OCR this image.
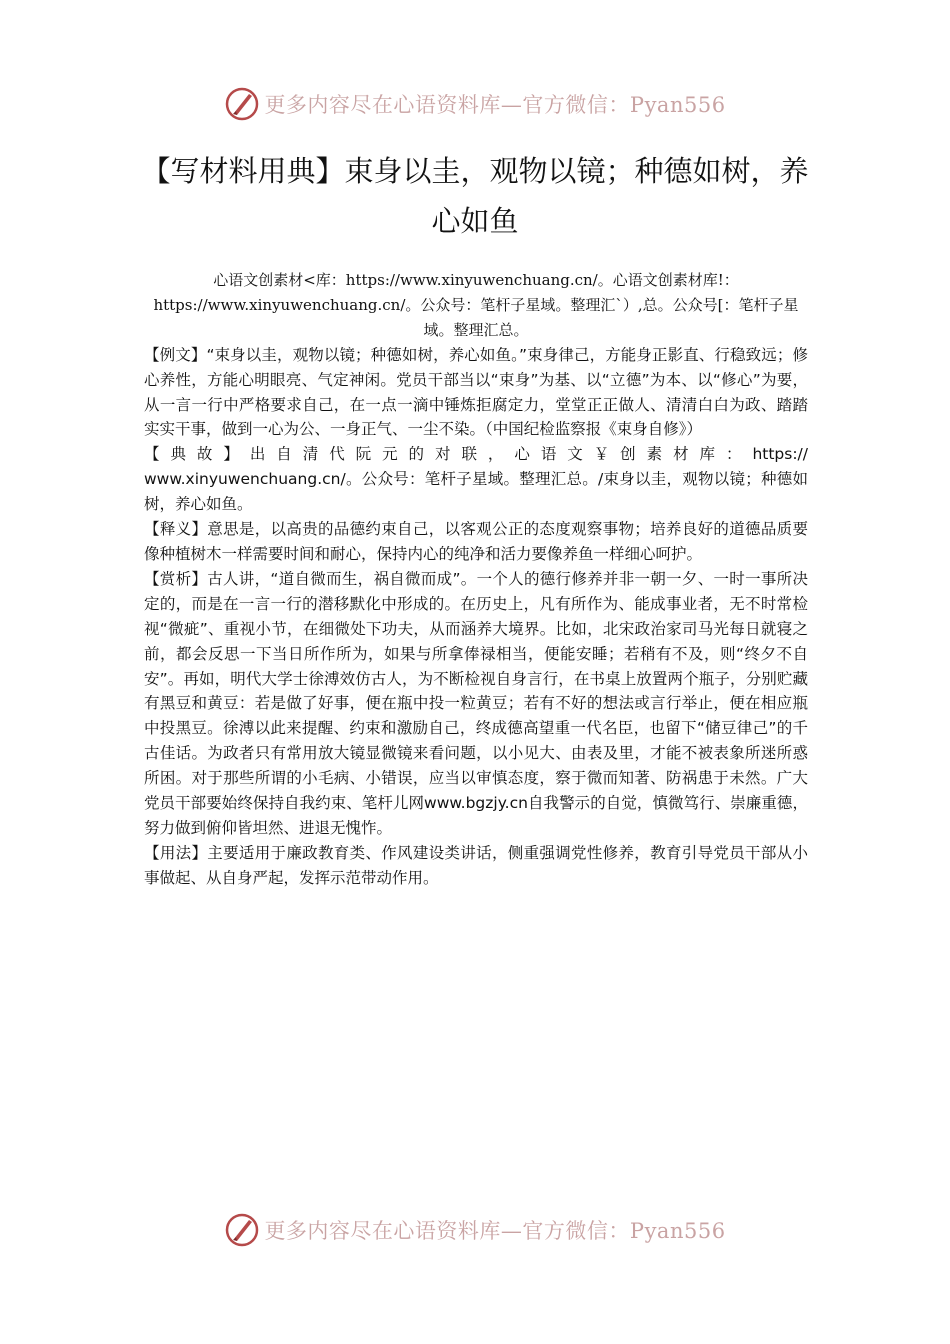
更多内容尽在心语资料库—官方微信：Pyan556
【写材料用典】束身以圭，观物以镜；种德如树，养心如鱼

心语文创素材<库：https://www.xinyuwenchuang.cn/。心语文创素材库!：https://www.xinyuwenchuang.cn/。公众号：笔杆子星域。整理汇`）,总。公众号[：笔杆子星域。整理汇总。

【例文】“束身以圭，观物以镜；种德如树，养心如鱼。”束身律己，方能身正影直、行稳致远；修心养性，方能心明眼亮、气定神闲。党员干部当以“束身”为基、以“立德”为本、以“修心”为要，从一言一行中严格要求自己，在一点一滴中锤炼拒腐定力，堂堂正正做人、清清白白为政、踏踏实实干事，做到一心为公、一身正气、一尘不染。（中国纪检监察报《束身自修》）

【典故】出自清代阮元的对联，心语文￥创素材库：https://

www.xinyuwenchuang.cn/。公众号：笔杆子星域。整理汇总。/束身以圭，观物以镜；种德如树，养心如鱼。

【释义】意思是，以高贵的品德约束自己，以客观公正的态度观察事物；培养良好的道德品质要像种植树木一样需要时间和耐心，保持内心的纯净和活力要像养鱼一样细心呵护。

【赏析】古人讲，“道自微而生，祸自微而成”。一个人的德行修养并非一朝一夕、一时一事所决定的，而是在一言一行的潜移默化中形成的。在历史上，凡有所作为、能成事业者，无不时常检视“微疵”、重视小节，在细微处下功夫，从而涵养大境界。比如，北宋政治家司马光每日就寝之前，都会反思一下当日所作所为，如果与所拿俸禄相当，便能安睡；若稍有不及，则“终夕不自安”。再如，明代大学士徐溥效仿古人，为不断检视自身言行，在书桌上放置两个瓶子，分别贮藏有黑豆和黄豆：若是做了好事，便在瓶中投一粒黄豆；若有不好的想法或言行举止，便在相应瓶中投黑豆。徐溥以此来提醒、约束和激励自己，终成德高望重一代名臣，也留下“储豆律己”的千古佳话。为政者只有常用放大镜显微镜来看问题，以小见大、由表及里，才能不被表象所迷所惑所困。对于那些所谓的小毛病、小错误，应当以审慎态度，察于微而知著、防祸患于未然。广大党员干部要始终保持自我约束、笔杆儿网www.bgzjy.cn自我警示的自觉，慎微笃行、崇廉重德，努力做到俯仰皆坦然、进退无愧怍。

【用法】主要适用于廉政教育类、作风建设类讲话，侧重强调党性修养，教育引导党员干部从小事做起、从自身严起，发挥示范带动作用。

更多内容尽在心语资料库—官方微信：Pyan556
